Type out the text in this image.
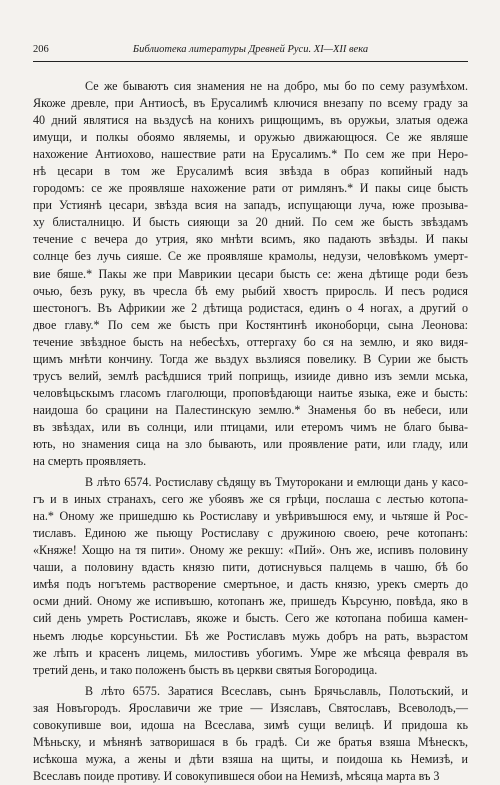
206	Библиотека литературы Древней Руси. XI—XII века
Се же бываютъ сия знамения не на добро, мы бо по сему разумѣхом.
Якоже древле, при Антиосѣ, въ Ерусалимѣ ключися внезапу по всему граду за
40 дний являтися на вьздусѣ на конихъ рищющимъ, въ оружьи, златыя одежа
имущи, и полкы обоямо являемы, и оружью движающюся. Се же являше
нахожение Антиохово, нашествие рати на Ерусалимъ.* По сем же при Неро-
нѣ цесари в том же Ерусалимѣ всия звѣзда в образ копийный надъ
городомъ: се же проявляше нахожение рати от римлянъ.* И пакы сице бысть
при Устиянѣ цесари, звѣзда всия на западъ, испущающи луча, юже прозыва-
ху блисталницю. И бысть сияющи за 20 дний. По сем же бысть звѣздамъ
течение с вечера до утрия, яко мнѣти всимъ, яко падають звѣзды. И пакы
солнце без лучь сияше. Се же проявляше крамолы, недузи, человѣкомъ умерт-
вие бяше.* Пакы же при Маврикии цесари бысть се: жена дѣтище роди безъ
очью, безъ руку, въ чресла бѣ ему рыбий хвостъ приросль. И песъ родися
шестоногъ. Въ Африкии же 2 дѣтища родистася, единъ о 4 ногах, а другий о
двое главу.* По сем же бысть при Костянтинѣ иконоборци, сына Леонова:
течение звѣздное бысть на небесѣхъ, оттергаху бо ся на землю, и яко видя-
щимъ мнѣти кончину. Тогда же вьздух вьзлияся повелику. В Сурии же бысть
трусъ велий, землѣ расѣдшися трий поприщь, изииде дивно изъ земли мська,
человѣцьскымъ гласомъ глаголющи, проповѣдающи наитье языка, еже и бысть:
наидоша бо срацини на Палестинскую землю.* Знаменья бо въ небеси, или
въ звѣздах, или въ солнци, или птицами, или етеромъ чимъ не благо быва-
ють, но знамения сица на зло бывають, или проявление рати, или гладу, или
на смерть проявляеть.
В лѣто 6574. Ростиславу сѣдящу въ Тмуторокани и емлющи дань у касо-
гъ и в иных странахъ, сего же убоявъ же ся грѣци, послаша с лестью котопа-
на.* Оному же пришедшю кь Ростиславу и увѣривъшюся ему, и чьтяше й Рос-
тиславъ. Единою же пьющу Ростиславу с дружиною своею, рече котопанъ:
«Княже! Хощю на тя пити». Оному же рекшу: «Пий». Онъ же, испивъ половину
чаши, а половину вдасть князю пити, дотиснувься палцемь в чашю, бѣ бо
имѣя подъ ногътемь растворение смертьное, и дасть князю, урекъ смерть до
осми дний. Оному же испивъшю, котопанъ же, пришедъ Кърсуню, повѣда, яко в
сий день умреть Ростиславъ, якоже и бысть. Сего же котопана побиша камен-
ньемъ людье корсуньстии. Бѣ же Ростиславъ мужь добръ на рать, вьзрастом
же лѣпъ и красенъ лицемь, милостивъ убогимъ. Умре же мѣсяца февраля въ
третий день, и тако положенъ бысть въ церкви святыя Богородица.
В лѣто 6575. Заратися Всеславъ, сынъ Брячьславль, Полотьский, и
зая Новъгородъ. Ярославичи же трие — Изяславъ, Святославъ, Всеволодъ,—
совокупивше вои, идоша на Всеслава, зимѣ сущи велицѣ. И придоша кь
Мѣньску, и мѣнянѣ затворишася в бь градѣ. Си же братья взяша Мѣнескъ,
исѣкоша мужа, а жены и дѣти взяша на щиты, и поидоша кь Немизѣ, и
Всеславъ поиде противу. И совокупившеся обои на Немизѣ, мѣсяца марта въ 3
